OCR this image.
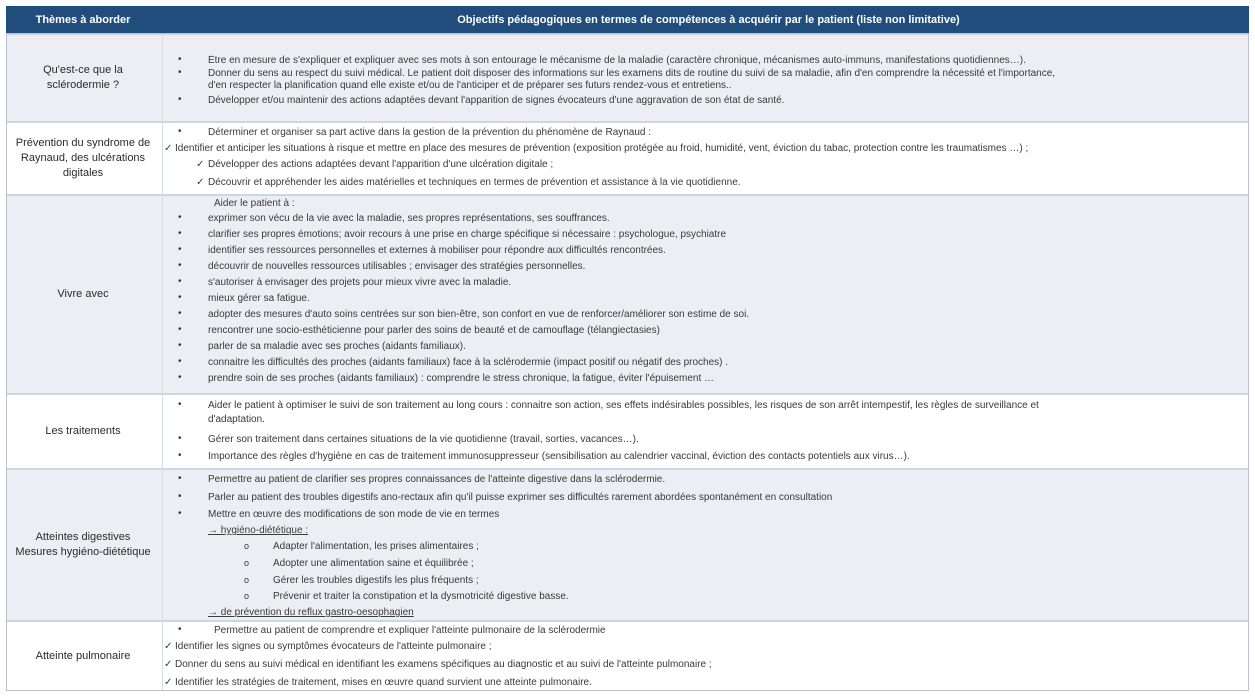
Thèmes à aborder	Objectifs pédagogiques en termes de compétences à acquérir par le patient (liste non limitative)
Qu'est-ce que la
sclérodermie ?
•	Être en mesure de s'expliquer et expliquer avec ses mots à son entourage le mécanisme de la maladie (caractère chronique, mécanismes auto-immuns, manifestations quotidiennes…).
•	Donner du sens au respect du suivi médical. Le patient doit disposer des informations sur les examens dits de routine du suivi de sa maladie, afin d'en comprendre la nécessité et l'importance,
d'en respecter la planification quand elle existe et/ou de l'anticiper et de préparer ses futurs rendez-vous et entretiens..
•	Développer et/ou maintenir des actions adaptées devant l'apparition de signes évocateurs d'une aggravation de son état de santé.
Prévention du syndrome de
Raynaud, des ulcérations
digitales
•	Déterminer et organiser sa part active dans la gestion de la prévention du phénomène de Raynaud :
✓ Identifier et anticiper les situations à risque et mettre en place des mesures de prévention (exposition protégée au froid, humidité, vent, éviction du tabac, protection contre les traumatismes …) ;
✓ Développer des actions adaptées devant l'apparition d'une ulcération digitale ;
✓ Découvrir et appréhender les aides matérielles et techniques en termes de prévention et assistance à la vie quotidienne.
Vivre avec
Aider le patient à :
•	exprimer son vécu de la vie avec la maladie, ses propres représentations, ses souffrances.
•	clarifier ses propres émotions; avoir recours à une prise en charge spécifique si nécessaire : psychologue, psychiatre
•	identifier ses ressources personnelles et externes à mobiliser pour répondre aux difficultés rencontrées.
•	découvrir de nouvelles ressources utilisables ; envisager des stratégies personnelles.
•	s'autoriser à envisager des projets pour mieux vivre avec la maladie.
•	mieux gérer sa fatigue.
•	adopter des mesures d'auto soins centrées sur son bien-être, son confort en vue de renforcer/améliorer son estime de soi.
•	rencontrer une socio-esthéticienne pour parler des soins de beauté et de camouflage (télangiectasies)
•	parler de sa maladie avec ses proches (aidants familiaux).
•	connaitre les difficultés des proches (aidants familiaux) face à la sclérodermie (impact positif ou négatif des proches) .
•	prendre soin de ses proches (aidants familiaux) : comprendre le stress chronique, la fatigue, éviter l'épuisement …
Les traitements
•	Aider le patient à optimiser le suivi de son traitement au long cours : connaitre son action, ses effets indésirables possibles, les risques de son arrêt intempestif, les règles de surveillance et
d'adaptation.
•	Gérer son traitement dans certaines situations de la vie quotidienne (travail, sorties, vacances…).
•	Importance des règles d'hygiène en cas de traitement immunosuppresseur (sensibilisation au calendrier vaccinal, éviction des contacts potentiels aux virus…).
Atteintes digestives
Mesures hygiéno-diététique
•	Permettre au patient de clarifier ses propres connaissances de l'atteinte digestive dans la sclérodermie.
•	Parler au patient des troubles digestifs ano-rectaux afin qu'il puisse exprimer ses difficultés rarement abordées spontanément en consultation
•	Mettre en œuvre des modifications de son mode de vie en termes
→ hygiéno-diététique :
o Adapter l'alimentation, les prises alimentaires ;
o Adopter une alimentation saine et équilibrée ;
o Gérer les troubles digestifs les plus fréquents ;
o Prévenir et traiter la constipation et la dysmotricité digestive basse.
→ de prévention du reflux gastro-oesophagien
Atteinte pulmonaire
•	Permettre au patient de comprendre et expliquer l'atteinte pulmonaire de la sclérodermie
✓ Identifier les signes ou symptômes évocateurs de l'atteinte pulmonaire ;
✓ Donner du sens au suivi médical en identifiant les examens spécifiques au diagnostic et au suivi de l'atteinte pulmonaire ;
✓ Identifier les stratégies de traitement, mises en œuvre quand survient une atteinte pulmonaire.
